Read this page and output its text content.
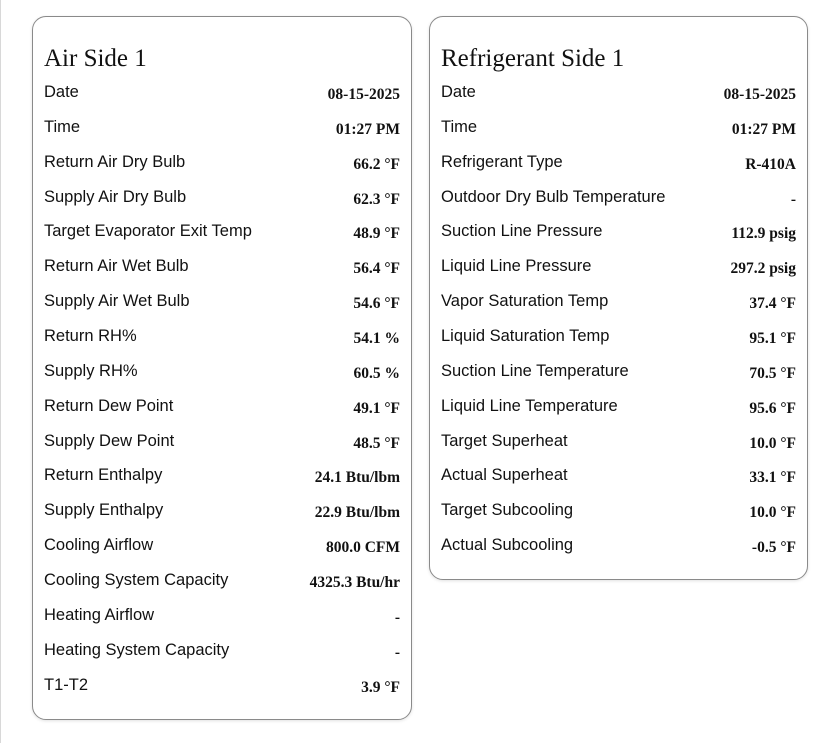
Air Side 1
Date	08-15-2025
Time	01:27 PM
Return Air Dry Bulb	66.2 °F
Supply Air Dry Bulb	62.3 °F
Target Evaporator Exit Temp	48.9 °F
Return Air Wet Bulb	56.4 °F
Supply Air Wet Bulb	54.6 °F
Return RH%	54.1 %
Supply RH%	60.5 %
Return Dew Point	49.1 °F
Supply Dew Point	48.5 °F
Return Enthalpy	24.1 Btu/lbm
Supply Enthalpy	22.9 Btu/lbm
Cooling Airflow	800.0 CFM
Cooling System Capacity	4325.3 Btu/hr
Heating Airflow	-
Heating System Capacity	-
T1-T2	3.9 °F
Refrigerant Side 1
Date	08-15-2025
Time	01:27 PM
Refrigerant Type	R-410A
Outdoor Dry Bulb Temperature	-
Suction Line Pressure	112.9 psig
Liquid Line Pressure	297.2 psig
Vapor Saturation Temp	37.4 °F
Liquid Saturation Temp	95.1 °F
Suction Line Temperature	70.5 °F
Liquid Line Temperature	95.6 °F
Target Superheat	10.0 °F
Actual Superheat	33.1 °F
Target Subcooling	10.0 °F
Actual Subcooling	-0.5 °F
